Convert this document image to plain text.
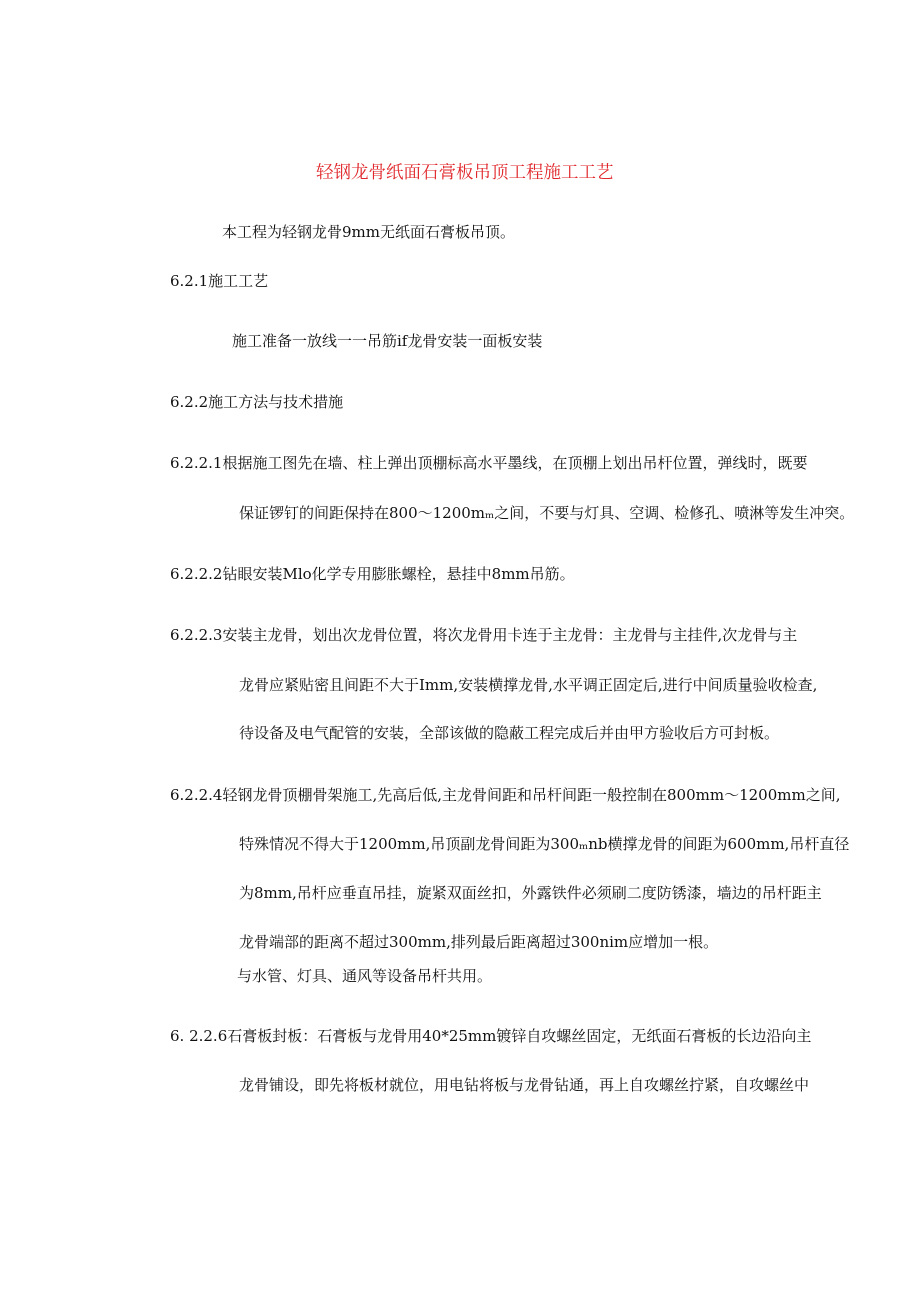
轻钢龙骨纸面石膏板吊顶工程施工工艺
本工程为轻钢龙骨9mm无纸面石膏板吊顶。
6.2.1施工工艺
施工准备一放线一一吊筋if龙骨安装一面板安装
6.2.2施工方法与技术措施
6.2.2.1根据施工图先在墙、柱上弹出顶棚标高水平墨线，在顶棚上划出吊杆位置，弹线时，既要
保证锣钉的间距保持在800～1200mₘ之间，不要与灯具、空调、检修孔、喷淋等发生冲突。
6.2.2.2钻眼安装Mlo化学专用膨胀螺栓，悬挂中8mm吊筋。
6.2.2.3安装主龙骨，划出次龙骨位置，将次龙骨用卡连于主龙骨：主龙骨与主挂件,次龙骨与主
龙骨应紧贴密且间距不大于Imm,安装横撑龙骨,水平调正固定后,进行中间质量验收检查,
待设备及电气配管的安装，全部该做的隐蔽工程完成后并由甲方验收后方可封板。
6.2.2.4轻钢龙骨顶棚骨架施工,先高后低,主龙骨间距和吊杆间距一般控制在800mm～1200mm之间,
特殊情况不得大于1200mm,吊顶副龙骨间距为300ₘnb横撑龙骨的间距为600mm,吊杆直径
为8mm,吊杆应垂直吊挂，旋紧双面丝扣，外露铁件必须刷二度防锈漆，墙边的吊杆距主
龙骨端部的距离不超过300mm,排列最后距离超过300nim应增加一根。
与水管、灯具、通风等设备吊杆共用。
6. 2.2.6石膏板封板：石膏板与龙骨用40*25mm镀锌自攻螺丝固定，无纸面石膏板的长边沿向主
龙骨铺设，即先将板材就位，用电钻将板与龙骨钻通，再上自攻螺丝拧紧，自攻螺丝中
